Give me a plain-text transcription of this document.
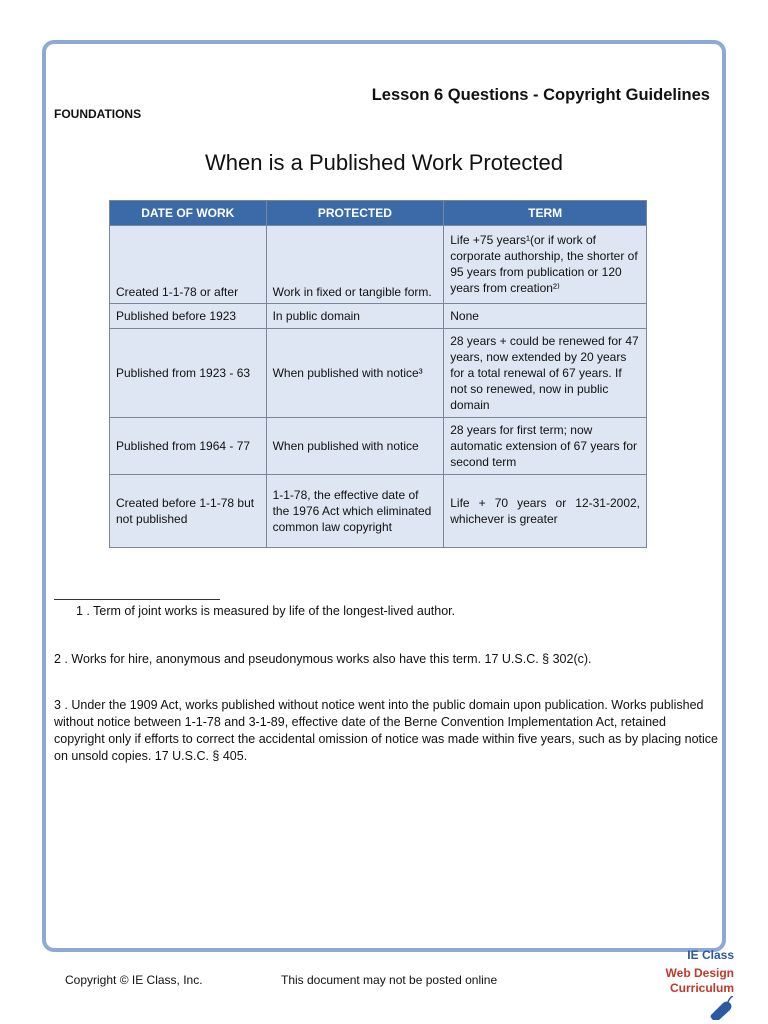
Lesson 6 Questions - Copyright Guidelines
FOUNDATIONS
When is a Published Work Protected
DATE OF WORK	PROTECTED	TERM
Created 1-1-78 or after	Work in fixed or tangible form.	Life +75 years¹(or if work of corporate authorship, the shorter of 95 years from publication or 120 years from creation²⁾
Published before 1923	In public domain	None
Published from 1923 - 63	When published with notice³	28 years + could be renewed for 47 years, now extended by 20 years for a total renewal of 67 years. If not so renewed, now in public domain
Published from 1964 - 77	When published with notice	28 years for first term; now automatic extension of 67 years for second term
Created before 1-1-78 but not published	1-1-78, the effective date of the 1976 Act which eliminated common law copyright	Life + 70 years or 12-31-2002, whichever is greater
1 . Term of joint works is measured by life of the longest-lived author.
2 . Works for hire, anonymous and pseudonymous works also have this term. 17 U.S.C. § 302(c).
3 . Under the 1909 Act, works published without notice went into the public domain upon publication. Works published without notice between 1-1-78 and 3-1-89, effective date of the Berne Convention Implementation Act, retained copyright only if efforts to correct the accidental omission of notice was made within five years, such as by placing notice on unsold copies. 17 U.S.C. § 405.
Copyright © IE Class, Inc.	This document may not be posted online
IE Class
Web Design
Curriculum
